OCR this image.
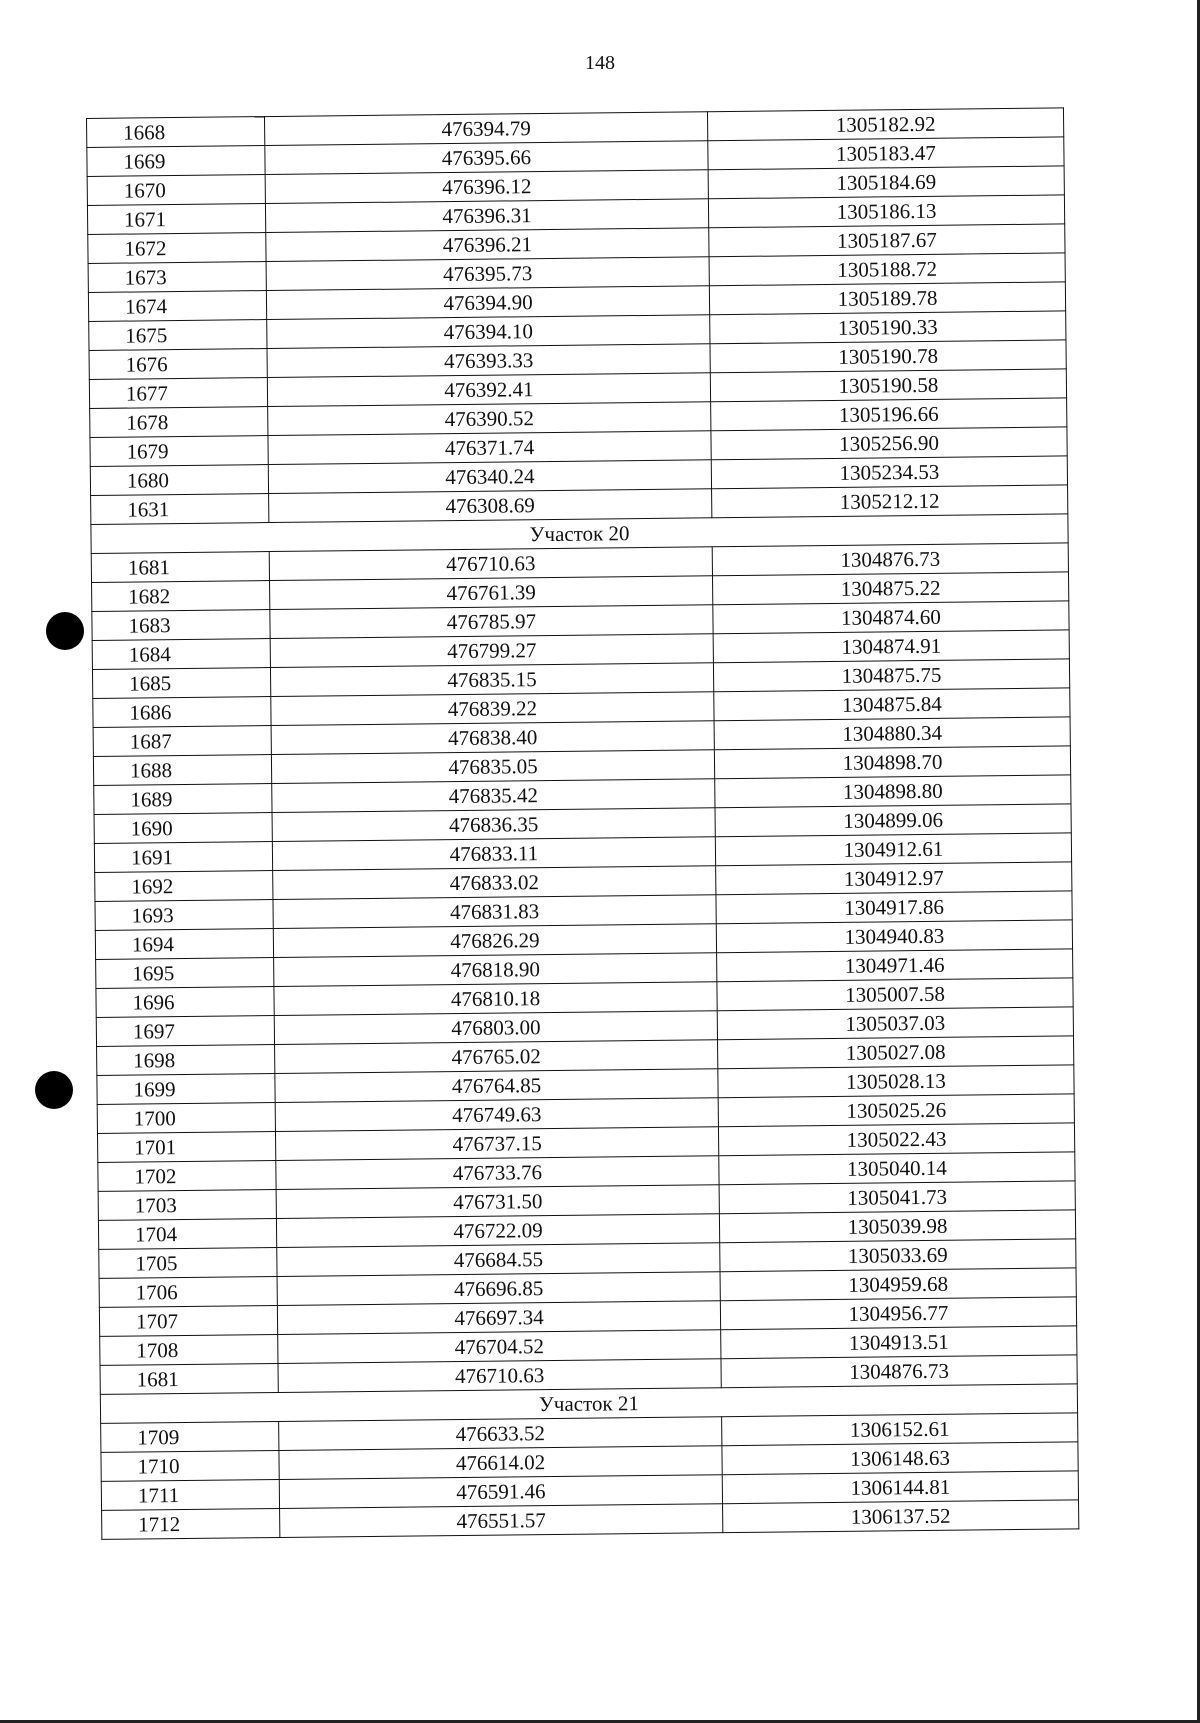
148
1668	476394.79	1305182.92
1669	476395.66	1305183.47
1670	476396.12	1305184.69
1671	476396.31	1305186.13
1672	476396.21	1305187.67
1673	476395.73	1305188.72
1674	476394.90	1305189.78
1675	476394.10	1305190.33
1676	476393.33	1305190.78
1677	476392.41	1305190.58
1678	476390.52	1305196.66
1679	476371.74	1305256.90
1680	476340.24	1305234.53
1631	476308.69	1305212.12
Участок 20		
1681	476710.63	1304876.73
1682	476761.39	1304875.22
1683	476785.97	1304874.60
1684	476799.27	1304874.91
1685	476835.15	1304875.75
1686	476839.22	1304875.84
1687	476838.40	1304880.34
1688	476835.05	1304898.70
1689	476835.42	1304898.80
1690	476836.35	1304899.06
1691	476833.11	1304912.61
1692	476833.02	1304912.97
1693	476831.83	1304917.86
1694	476826.29	1304940.83
1695	476818.90	1304971.46
1696	476810.18	1305007.58
1697	476803.00	1305037.03
1698	476765.02	1305027.08
1699	476764.85	1305028.13
1700	476749.63	1305025.26
1701	476737.15	1305022.43
1702	476733.76	1305040.14
1703	476731.50	1305041.73
1704	476722.09	1305039.98
1705	476684.55	1305033.69
1706	476696.85	1304959.68
1707	476697.34	1304956.77
1708	476704.52	1304913.51
1681	476710.63	1304876.73
Участок 21		
1709	476633.52	1306152.61
1710	476614.02	1306148.63
1711	476591.46	1306144.81
1712	476551.57	1306137.52
